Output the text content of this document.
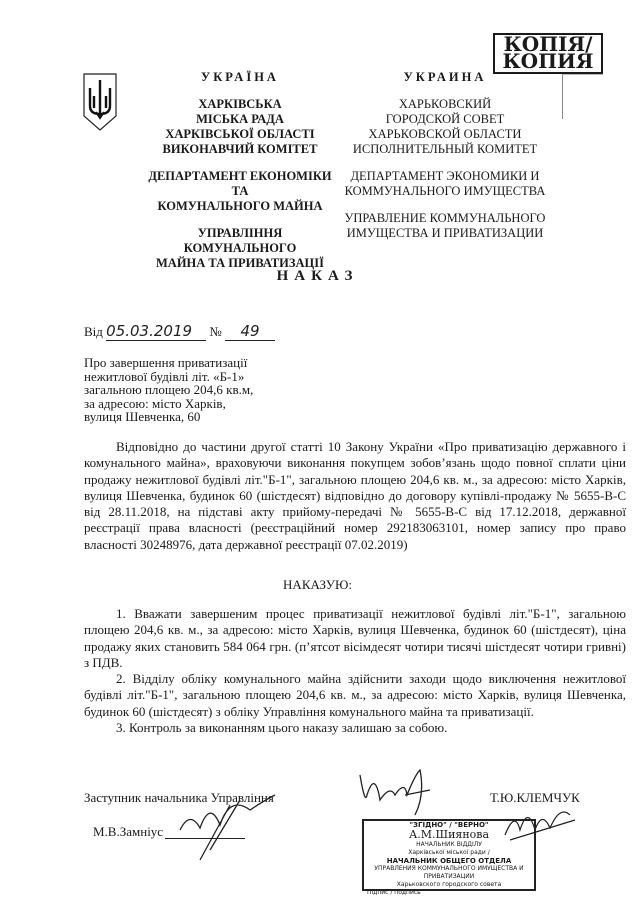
КОПІЯ/
КОПИЯ
УКРАЇНА
ХАРКІВСЬКА
МІСЬКА РАДА
ХАРКІВСЬКОЇ ОБЛАСТІ
ВИКОНАВЧИЙ КОМІТЕТ
ДЕПАРТАМЕНТ ЕКОНОМІКИ ТА
КОМУНАЛЬНОГО МАЙНА
УПРАВЛІННЯ КОМУНАЛЬНОГО
МАЙНА ТА ПРИВАТИЗАЦІЇ
УКРАИНА
ХАРЬКОВСКИЙ
ГОРОДСКОЙ СОВЕТ
ХАРЬКОВСКОЙ ОБЛАСТИ
ИСПОЛНИТЕЛЬНЫЙ КОМИТЕТ
ДЕПАРТАМЕНТ ЭКОНОМИКИ И
КОММУНАЛЬНОГО ИМУЩЕСТВА
УПРАВЛЕНИЕ КОММУНАЛЬНОГО
ИМУЩЕСТВА И ПРИВАТИЗАЦИИ
НАКАЗ
Від 05.03.2019 № 49
Про завершення приватизації
нежитлової будівлі літ. «Б-1»
загальною площею 204,6 кв.м,
за адресою: місто Харків,
вулиця Шевченка, 60
Відповідно до частини другої статті 10 Закону України «Про приватизацію державного і комунального майна», враховуючи виконання покупцем зобов’язань щодо повної сплати ціни продажу нежитлової будівлі літ."Б-1", загальною площею 204,6 кв. м., за адресою: місто Харків, вулиця Шевченка, будинок 60 (шістдесят) відповідно до договору купівлі-продажу № 5655-В-С від 28.11.2018, на підставі акту прийому-передачі № 5655-В-С від 17.12.2018, державної реєстрації права власності (реєстраційний номер 292183063101, номер запису про право власності 30248976, дата державної реєстрації 07.02.2019)
НАКАЗУЮ:
1. Вважати завершеним процес приватизації нежитлової будівлі літ."Б-1", загальною площею 204,6 кв. м., за адресою: місто Харків, вулиця Шевченка, будинок 60 (шістдесят), ціна продажу яких становить 584 064 грн. (п’ятсот вісімдесят чотири тисячі шістдесят чотири гривні) з ПДВ.
2. Відділу обліку комунального майна здійснити заходи щодо виключення нежитлової будівлі літ."Б-1", загальною площею 204,6 кв. м., за адресою: місто Харків, вулиця Шевченка, будинок 60 (шістдесят) з обліку Управління комунального майна та приватизації.
3. Контроль за виконанням цього наказу залишаю за собою.
Заступник начальника Управління	Т.Ю.КЛЕМЧУК
М.В.Замніус	"ЗГІДНО" / "ВЕРНО"
А.М.Шиянова
НАЧАЛЬНИК ВІДДІЛУ
Харківської міської ради /
НАЧАЛЬНИК ОБЩЕГО ОТДЕЛА
УПРАВЛЕНИЯ КОММУНАЛЬНОГО ИМУЩЕСТВА И ПРИВАТИЗАЦИИ
Харьковского городского совета
Підпис / подпись
